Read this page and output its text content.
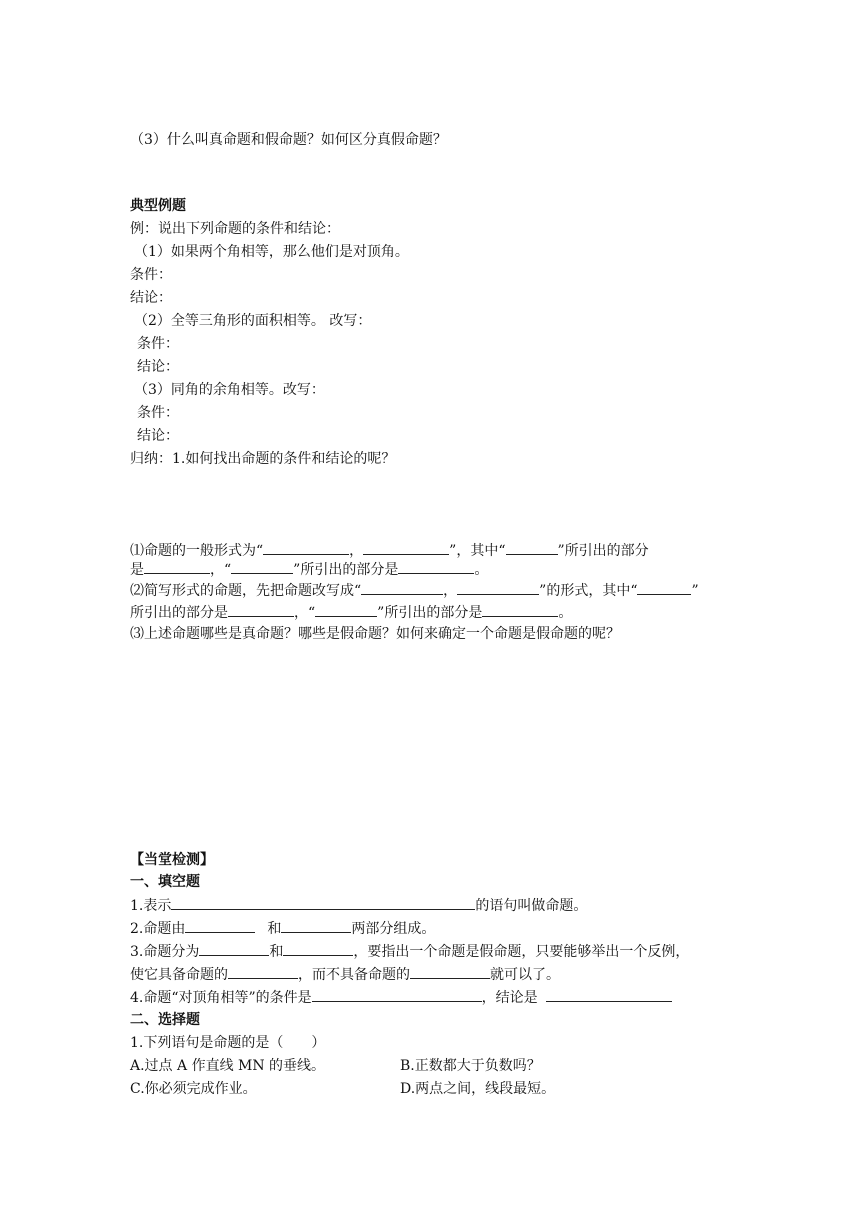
（3）什么叫真命题和假命题？如何区分真假命题？
典型例题
例：说出下列命题的条件和结论：
（1）如果两个角相等，那么他们是对顶角。
条件：
结论：
（2）全等三角形的面积相等。 改写：
条件：
结论：
（3）同角的余角相等。改写：
条件：
结论：
归纳：1.如何找出命题的条件和结论的呢？
⑴命题的一般形式为“	，	”，其中“	”所引出的部分
是	，“	”所引出的部分是	。
⑵简写形式的命题，先把命题改写成“	，	”的形式，其中“	”
所引出的部分是	，“	”所引出的部分是	。
⑶上述命题哪些是真命题？哪些是假命题？如何来确定一个命题是假命题的呢？
【当堂检测】
一、填空题
1.表示	的语句叫做命题。
2.命题由	和	两部分组成。
3.命题分为	和	，要指出一个命题是假命题，只要能够举出一个反例，
使它具备命题的	，而不具备命题的	就可以了。
4.命题“对顶角相等”的条件是	，结论是
二、选择题
1.下列语句是命题的是（　　）
A.过点 A 作直线 MN 的垂线。	B.正数都大于负数吗？
C.你必须完成作业。	D.两点之间，线段最短。
